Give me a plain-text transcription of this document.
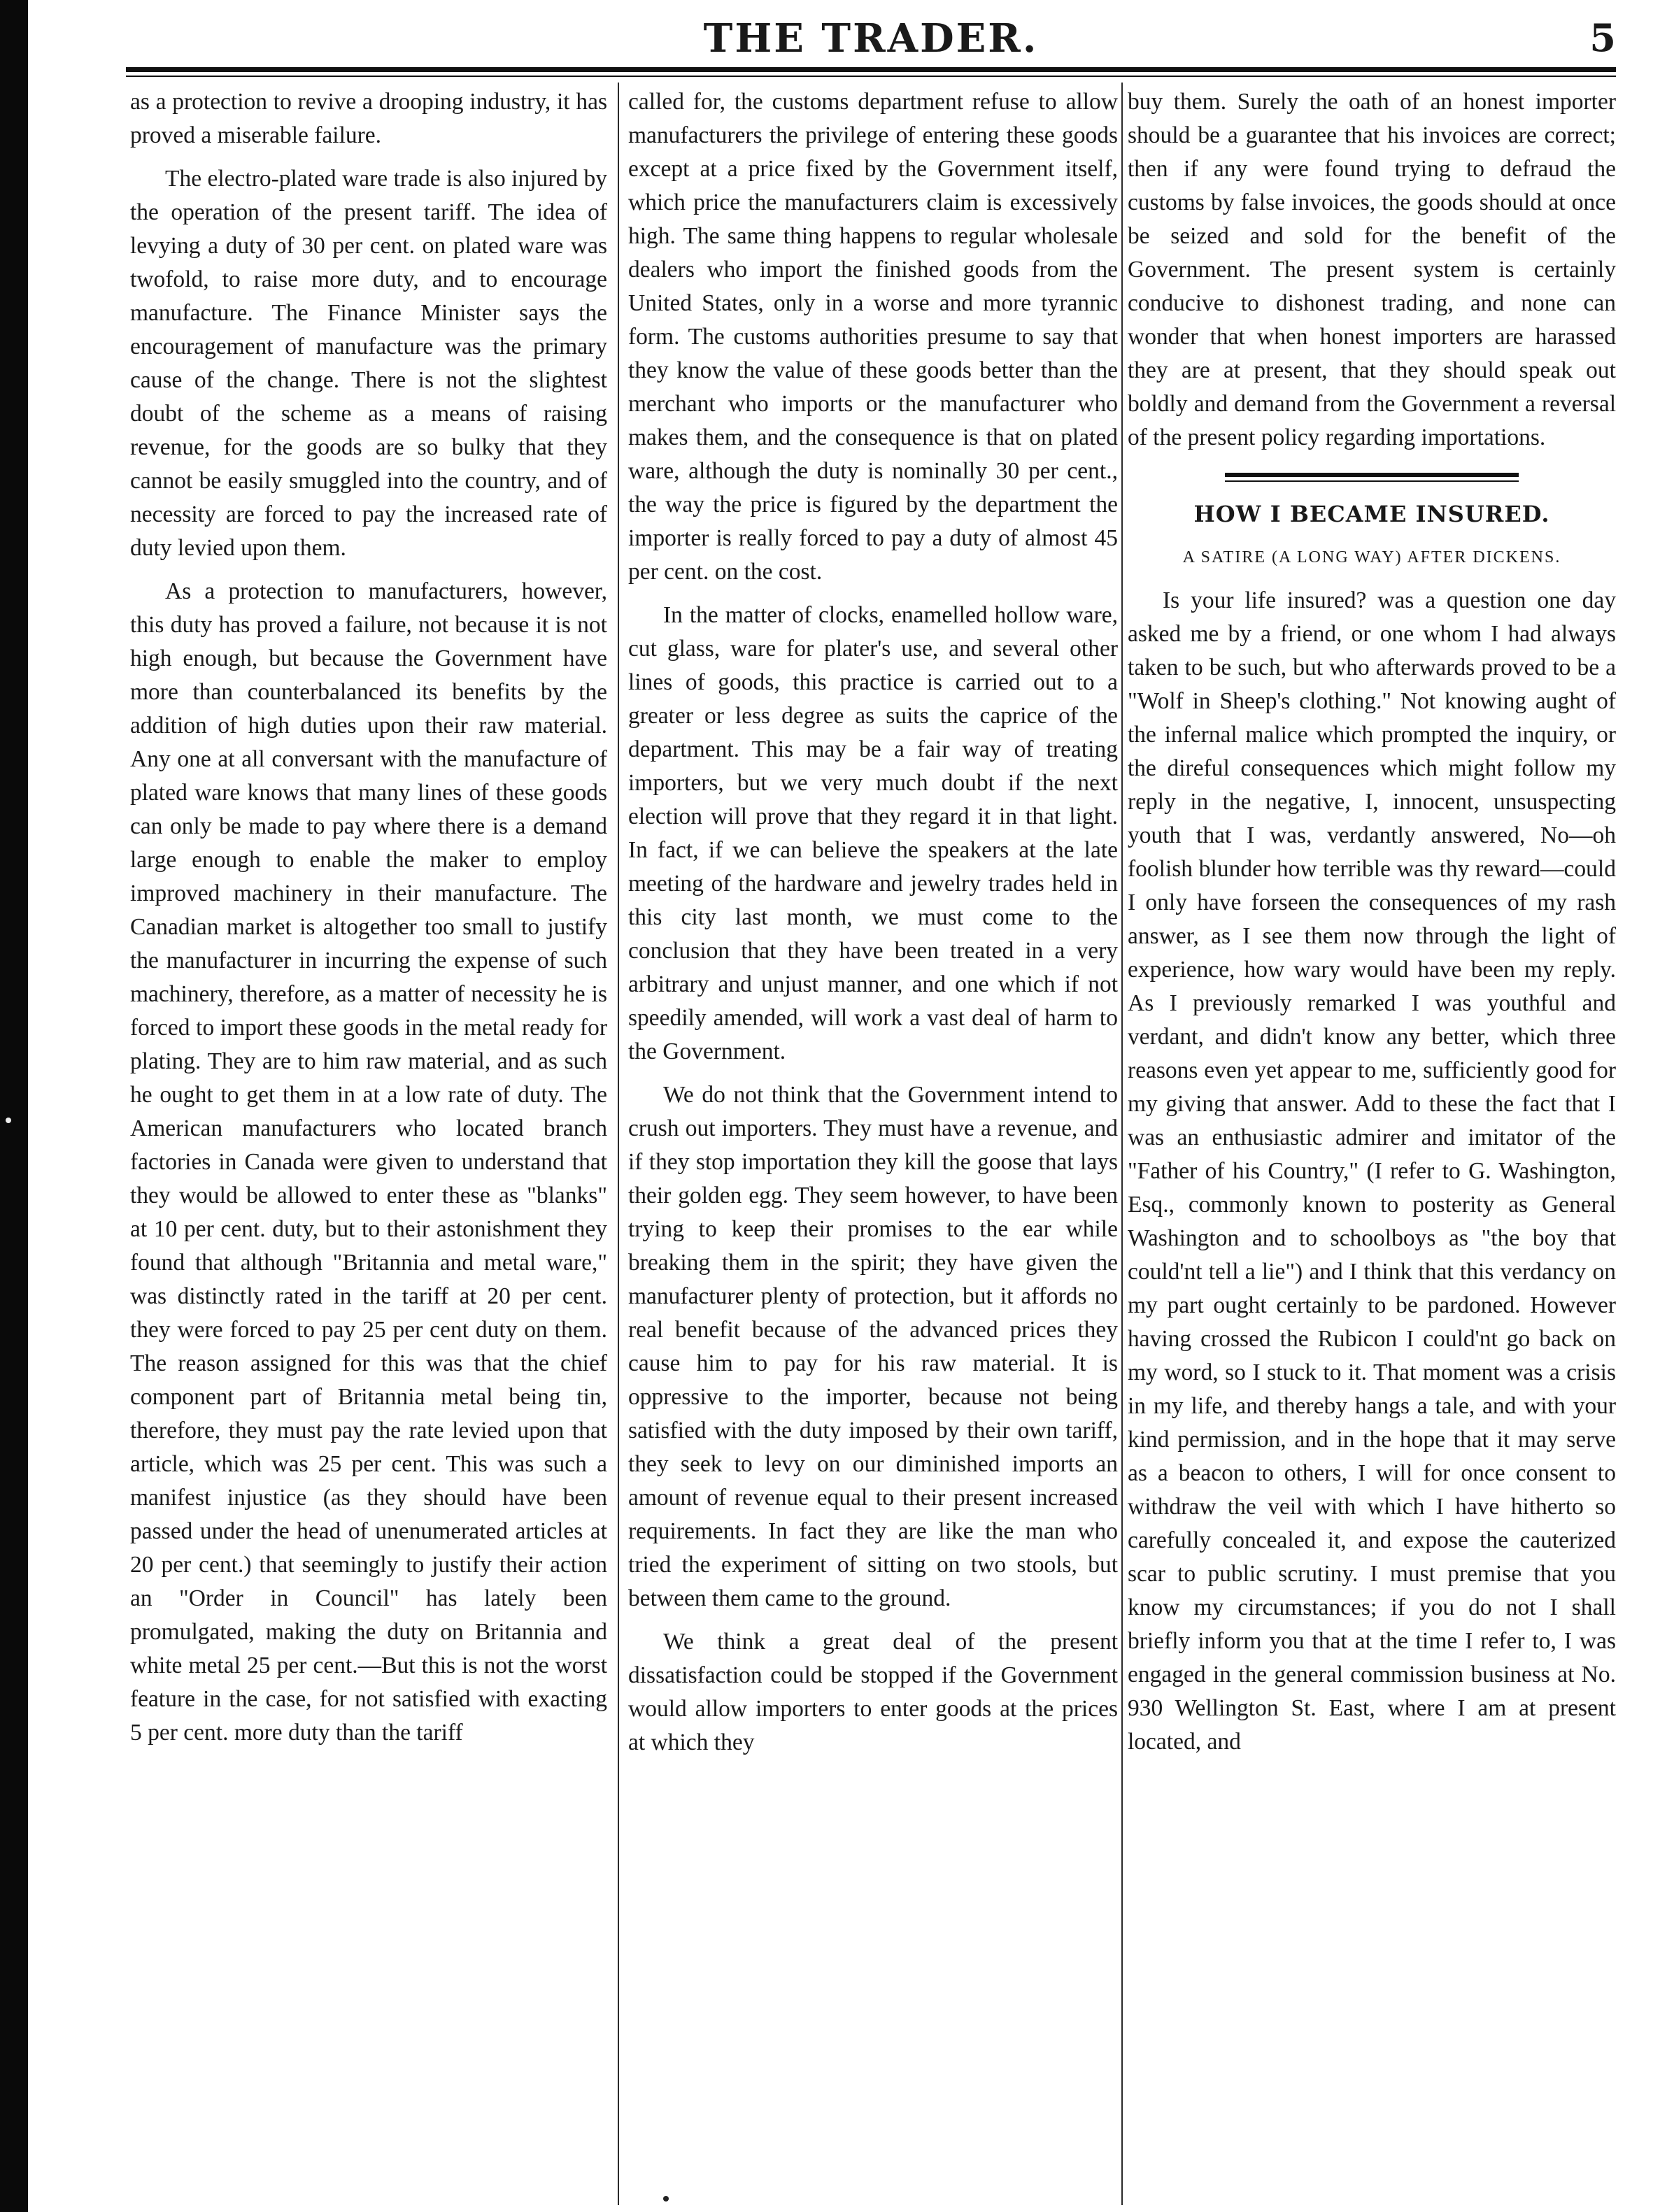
THE TRADER.	5

as a protection to revive a drooping industry, it has proved a miserable failure.

The electro-plated ware trade is also injured by the operation of the present tariff. The idea of levying a duty of 30 per cent. on plated ware was twofold, to raise more duty, and to encourage manufacture. The Finance Minister says the encouragement of manufacture was the primary cause of the change. There is not the slightest doubt of the scheme as a means of raising revenue, for the goods are so bulky that they cannot be easily smuggled into the country, and of necessity are forced to pay the increased rate of duty levied upon them.

As a protection to manufacturers, however, this duty has proved a failure, not because it is not high enough, but because the Government have more than counterbalanced its benefits by the addition of high duties upon their raw material. Any one at all conversant with the manufacture of plated ware knows that many lines of these goods can only be made to pay where there is a demand large enough to enable the maker to employ improved machinery in their manufacture. The Canadian market is altogether too small to justify the manufacturer in incurring the expense of such machinery, therefore, as a matter of necessity he is forced to import these goods in the metal ready for plating. They are to him raw material, and as such he ought to get them in at a low rate of duty. The American manufacturers who located branch factories in Canada were given to understand that they would be allowed to enter these as "blanks" at 10 per cent. duty, but to their astonishment they found that although "Britannia and metal ware," was distinctly rated in the tariff at 20 per cent. they were forced to pay 25 per cent duty on them. The reason assigned for this was that the chief component part of Britannia metal being tin, therefore, they must pay the rate levied upon that article, which was 25 per cent. This was such a manifest injustice (as they should have been passed under the head of unenumerated articles at 20 per cent.) that seemingly to justify their action an "Order in Council" has lately been promulgated, making the duty on Britannia and white metal 25 per cent.—But this is not the worst feature in the case, for not satisfied with exacting 5 per cent. more duty than the tariff

called for, the customs department refuse to allow manufacturers the privilege of entering these goods except at a price fixed by the Government itself, which price the manufacturers claim is excessively high. The same thing happens to regular wholesale dealers who import the finished goods from the United States, only in a worse and more tyrannic form. The customs authorities presume to say that they know the value of these goods better than the merchant who imports or the manufacturer who makes them, and the consequence is that on plated ware, although the duty is nominally 30 per cent., the way the price is figured by the department the importer is really forced to pay a duty of almost 45 per cent. on the cost.

In the matter of clocks, enamelled hollow ware, cut glass, ware for plater's use, and several other lines of goods, this practice is carried out to a greater or less degree as suits the caprice of the department. This may be a fair way of treating importers, but we very much doubt if the next election will prove that they regard it in that light. In fact, if we can believe the speakers at the late meeting of the hardware and jewelry trades held in this city last month, we must come to the conclusion that they have been treated in a very arbitrary and unjust manner, and one which if not speedily amended, will work a vast deal of harm to the Government.

We do not think that the Government intend to crush out importers. They must have a revenue, and if they stop importation they kill the goose that lays their golden egg. They seem however, to have been trying to keep their promises to the ear while breaking them in the spirit; they have given the manufacturer plenty of protection, but it affords no real benefit because of the advanced prices they cause him to pay for his raw material. It is oppressive to the importer, because not being satisfied with the duty imposed by their own tariff, they seek to levy on our diminished imports an amount of revenue equal to their present increased requirements. In fact they are like the man who tried the experiment of sitting on two stools, but between them came to the ground.

We think a great deal of the present dissatisfaction could be stopped if the Government would allow importers to enter goods at the prices at which they

buy them. Surely the oath of an honest importer should be a guarantee that his invoices are correct; then if any were found trying to defraud the customs by false invoices, the goods should at once be seized and sold for the benefit of the Government. The present system is certainly conducive to dishonest trading, and none can wonder that when honest importers are harassed they are at present, that they should speak out boldly and demand from the Government a reversal of the present policy regarding importations.

HOW I BECAME INSURED.

A SATIRE (A LONG WAY) AFTER DICKENS.

Is your life insured? was a question one day asked me by a friend, or one whom I had always taken to be such, but who afterwards proved to be a "Wolf in Sheep's clothing." Not knowing aught of the infernal malice which prompted the inquiry, or the direful consequences which might follow my reply in the negative, I, innocent, unsuspecting youth that I was, verdantly answered, No—oh foolish blunder how terrible was thy reward—could I only have forseen the consequences of my rash answer, as I see them now through the light of experience, how wary would have been my reply. As I previously remarked I was youthful and verdant, and didn't know any better, which three reasons even yet appear to me, sufficiently good for my giving that answer. Add to these the fact that I was an enthusiastic admirer and imitator of the "Father of his Country," (I refer to G. Washington, Esq., commonly known to posterity as General Washington and to schoolboys as "the boy that could'nt tell a lie") and I think that this verdancy on my part ought certainly to be pardoned. However having crossed the Rubicon I could'nt go back on my word, so I stuck to it. That moment was a crisis in my life, and thereby hangs a tale, and with your kind permission, and in the hope that it may serve as a beacon to others, I will for once consent to withdraw the veil with which I have hitherto so carefully concealed it, and expose the cauterized scar to public scrutiny. I must premise that you know my circumstances; if you do not I shall briefly inform you that at the time I refer to, I was engaged in the general commission business at No. 930 Wellington St. East, where I am at present located, and
